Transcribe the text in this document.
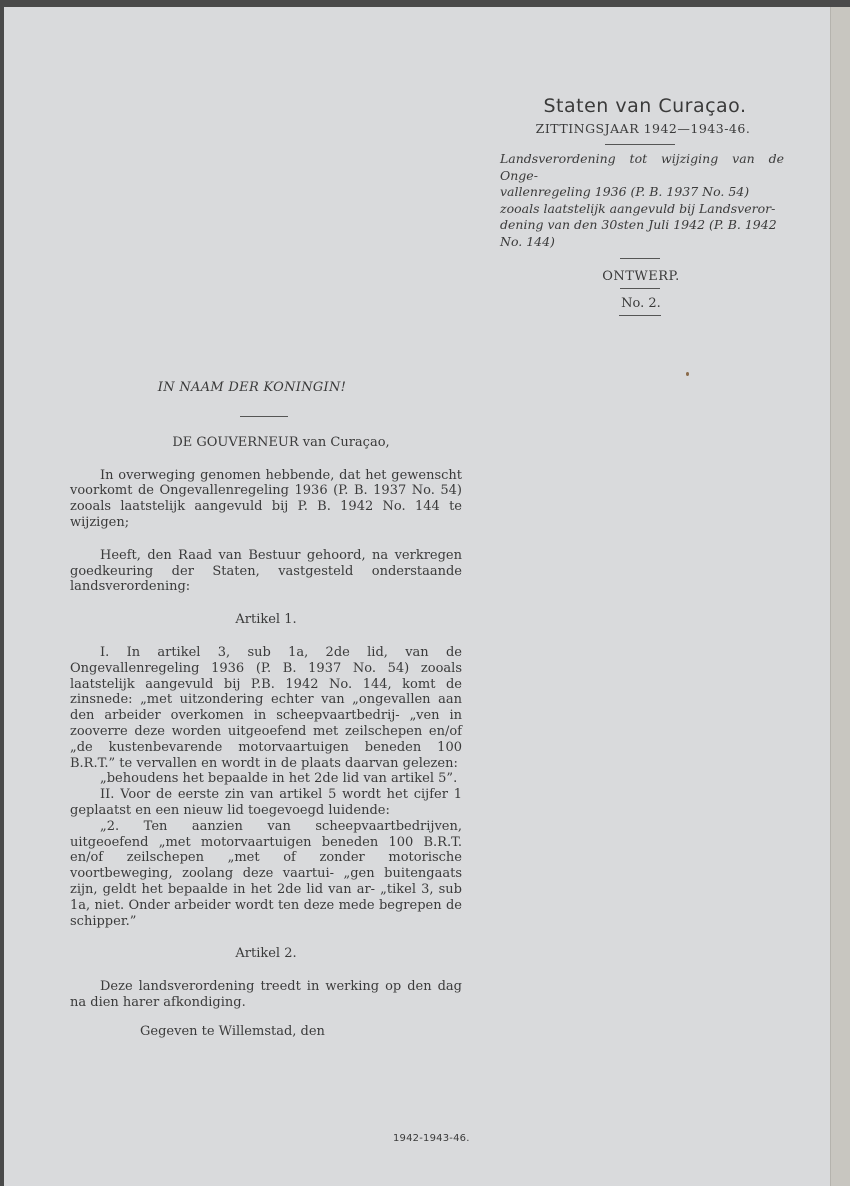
Staten van Curaçao.
ZITTINGSJAAR 1942—1943-46.
Landsverordening tot wijziging van de Onge-
vallenregeling 1936 (P. B. 1937 No. 54)
zooals laatstelijk aangevuld bij Landsveror-
dening van den 30sten Juli 1942 (P. B. 1942
No. 144)
ONTWERP.
No. 2.
IN NAAM DER KONINGIN!
DE GOUVERNEUR van Curaçao,

In overweging genomen hebbende, dat het gewenscht voorkomt de Ongevallenregeling 1936 (P. B. 1937 No. 54) zooals laatstelijk aangevuld bij P. B. 1942 No. 144 te wijzigen;

Heeft, den Raad van Bestuur gehoord, na verkregen goedkeuring der Staten, vastgesteld onderstaande landsverordening:

Artikel 1.

I. In artikel 3, sub 1a, 2de lid, van de Ongevallenregeling 1936 (P. B. 1937 No. 54) zooals laatstelijk aangevuld bij P.B. 1942 No. 144, komt de zinsnede: „met uitzondering echter van „ongevallen aan den arbeider overkomen in scheepvaartbedrij- „ven in zooverre deze worden uitgeoefend met zeilschepen en/of „de kustenbevarende motorvaartuigen beneden 100 B.R.T.” te vervallen en wordt in de plaats daarvan gelezen:

„behoudens het bepaalde in het 2de lid van artikel 5”.

II. Voor de eerste zin van artikel 5 wordt het cijfer 1 geplaatst en een nieuw lid toegevoegd luidende:

„2. Ten aanzien van scheepvaartbedrijven, uitgeoefend „met motorvaartuigen beneden 100 B.R.T. en/of zeilschepen „met of zonder motorische voortbeweging, zoolang deze vaartui- „gen buitengaats zijn, geldt het bepaalde in het 2de lid van ar- „tikel 3, sub 1a, niet. Onder arbeider wordt ten deze mede begrepen de schipper.”

Artikel 2.

Deze landsverordening treedt in werking op den dag na dien harer afkondiging.

Gegeven te Willemstad, den

1942-1943-46.
